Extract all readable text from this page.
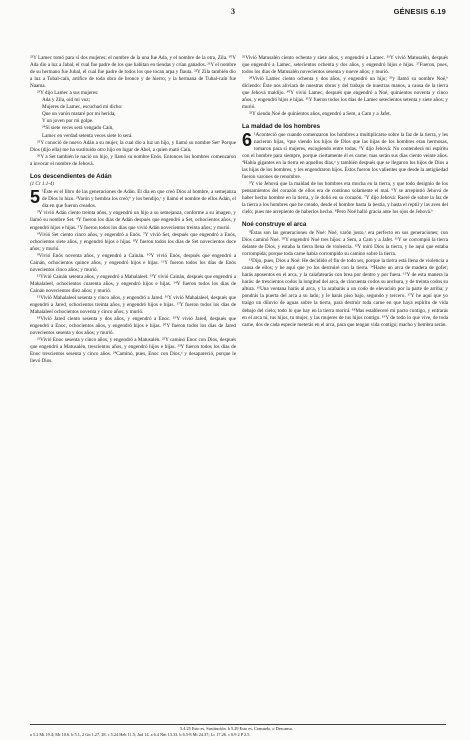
3	GÉNESIS 6.19

²³Y Lamec tomó para sí dos mujeres; el nombre de la una fue Ada, y el nombre de la otra, Zila. ²⁰Y Ada dio a luz a Jabal, el cual fue padre de los que habitan en tiendas y crían ganados. ²¹Y el nombre de su hermano fue Jubal, el cual fue padre de todos los que tocan arpa y flauta. ²²Y Zila también dio a luz a Tubal-caín, artífice de toda obra de bronce y de hierro; y la hermana de Tubal-caín fue Naama.

²³Y dijo Lamec a sus mujeres:

Ada y Zila, oíd mi voz;
Mujeres de Lamec, escuchad mi dicho:
Que un varón mataré por mi herida,
Y un joven por mi golpe.
²⁴Si siete veces será vengado Caín,
Lamec en verdad setenta veces siete lo será.

²⁵Y conoció de nuevo Adán a su mujer, la cual dio a luz un hijo, y llamó su nombre Setᵃ Porque Dios (dijo ella) me ha sustituido otro hijo en lugar de Abel, a quien mató Caín.

²⁶Y a Set también le nació un hijo, y llamó su nombre Enós. Entonces los hombres comenzaron a invocar el nombre de Jehová.

Los descendientes de Adán
(1 Cr 1.1-4)

5 ¹Éste es el libro de las generaciones de Adán. El día en que creó Dios al hombre, a semejanza de Dios lo hizo. ²Varón y hembra los creó;ᵇ y los bendijo,ᶜ y llamó el nombre de ellos Adán, el día en que fueron creados.

³Y vivió Adán ciento treinta años, y engendró un hijo a su semejanza, conforme a su imagen, y llamó su nombre Set. ⁴Y fueron los días de Adán después que engendró a Set, ochocientos años, y engendró hijos e hijas. ⁵Y fueron todos los días que vivió Adán novecientos treinta años; y murió.

⁶Vivió Set ciento cinco años, y engendró a Enós. ⁷Y vivió Set, después que engendró a Enós, ochocientos siete años, y engendró hijos e hijas. ⁸Y fueron todos los días de Set novecientos doce años; y murió.

⁹Vivió Enós noventa años, y engendró a Cainán. ¹⁰Y vivió Enós, después que engendró a Cainán, ochocientos quince años, y engendró hijos e hijas. ¹¹Y fueron todos los días de Enós novecientos cinco años; y murió.

¹²Vivió Cainán setenta años, y engendró a Mahalaleel. ¹³Y vivió Cainán, después que engendró a Mahalaleel, ochocientos cuarenta años, y engendró hijos e hijas. ¹⁴Y fueron todos los días de Cainán novecientos diez años; y murió.

¹⁵Vivió Mahalaleel sesenta y cinco años, y engendró a Jared. ¹⁶Y vivió Mahalaleel, después que engendró a Jared, ochocientos treinta años, y engendró hijos e hijas. ¹⁷Y fueron todos los días de Mahalaleel ochocientos noventa y cinco años; y murió.

¹⁸Vivió Jared ciento sesenta y dos años, y engendró a Enoc. ¹⁹Y vivió Jared, después que engendró a Enoc, ochocientos años, y engendró hijos e hijas. ²⁰Y fueron todos los días de Jared novecientos sesenta y dos años; y murió.

²¹Vivió Enoc sesenta y cinco años, y engendró a Matusalén. ²²Y caminó Enoc con Dios, después que engendró a Matusalén, trescientos años, y engendró hijos e hijas. ²³Y fueron todos los días de Enoc trescientos sesenta y cinco años. ²⁴Caminó, pues, Enoc con Dios,ᵈ y desapareció, porque le llevó Dios.

²⁵Vivió Matusalén ciento ochenta y siete años, y engendró a Lamec. ²⁶Y vivió Matusalén, después que engendró a Lamec, setecientos ochenta y dos años, y engendró hijos e hijas. ²⁷Fueron, pues, todos los días de Matusalén novecientos sesenta y nueve años; y murió.

²⁸Vivió Lamec ciento ochenta y dos años, y engendró un hijo; ²⁹y llamó su nombre Noé,ᵇ diciendo: Éste nos aliviará de nuestras obras y del trabajo de nuestras manos, a causa de la tierra que Jehová maldijo. ³⁰Y vivió Lamec, después que engendró a Noé, quinientos noventa y cinco años, y engendró hijos e hijas. ³¹Y fueron todos los días de Lamec setecientos setenta y siete años; y murió.

³²Y siendo Noé de quinientos años, engendró a Sem, a Cam y a Jafet.

La maldad de los hombres

6 ¹Aconteció que cuando comenzaron los hombres a multiplicarse sobre la faz de la tierra, y les nacieron hijas, ²que viendo los hijos de Dios que las hijas de los hombres eran hermosas, tomaron para sí mujeres, escogiendo entre todas. ³Y dijo Jehová: No contenderá mi espíritu con el hombre para siempre, porque ciertamente él es carne; mas serán sus días ciento veinte años. ⁴Había gigantes en la tierra en aquellos días,ᵃ y también después que se llegaron los hijos de Dios a las hijas de los hombres, y les engendraron hijos. Éstos fueron los valientes que desde la antigüedad fueron varones de renombre.

⁵Y vio Jehová que la maldad de los hombres era mucha en la tierra, y que todo designio de los pensamientos del corazón de ellos era de continuo solamente el mal. ⁶Y se arrepintió Jehová de haber hecho hombre en la tierra, y le dolió en su corazón. ⁷Y dijo Jehová: Raeré de sobre la faz de la tierra a los hombres que he creado, desde el hombre hasta la bestia, y hasta el reptil y las aves del cielo; pues me arrepiento de haberlos hecho. ⁸Pero Noé halló gracia ante los ojos de Jehová.ᵇ

Noé construye el arca

⁹Éstas son las generaciones de Noé: Noé, varón justo,ᶜ era perfecto en sus generaciones; con Dios caminó Noé. ¹⁰Y engendró Noé tres hijos: a Sem, a Cam y a Jafet. ¹¹Y se corrompió la tierra delante de Dios, y estaba la tierra llena de violencia. ¹²Y miró Dios la tierra, y he aquí que estaba corrompida; porque toda carne había corrompido su camino sobre la tierra.

¹³Dijo, pues, Dios a Noé: He decidido el fin de todo ser, porque la tierra está llena de violencia a causa de ellos; y he aquí que yo los destruiré con la tierra. ¹⁴Hazte un arca de madera de gofer; harás aposentos en el arca, y la calafatearás con brea por dentro y por fuera. ¹⁵Y de esta manera la harás: de trescientos codos la longitud del arca, de cincuenta codos su anchura, y de treinta codos su altura. ¹⁶Una ventana harás al arca, y la acabarás a un codo de elevación por la parte de arriba; y pondrás la puerta del arca a su lado; y le harás piso bajo, segundo y tercero. ¹⁷Y he aquí que yo traigo un diluvio de aguas sobre la tierra, para destruir toda carne en que haya espíritu de vida debajo del cielo; todo lo que hay en la tierra morirá. ¹⁸Mas estableceré mi pacto contigo, y entrarás en el arca tú, tus hijos, tu mujer, y las mujeres de tus hijos contigo. ¹⁹Y de todo lo que vive, de toda carne, dos de cada especie meterás en el arca, para que tengan vida contigo; macho y hembra serán.

5.4.25 Esto es, Sustitución. b 5.29 Esto es, Consuelo, o Descanso.
a 5.2 Mt 19.4; Mr 10.6. b 5.1, 2 Gn 1.27, 28. c 5.24 Heb 11.5; Jud 14. a 6.4 Nm 13.33. b 6.5-8 Mt 24.37; Lc 17.26. c 6.9 2 P 2.5.
